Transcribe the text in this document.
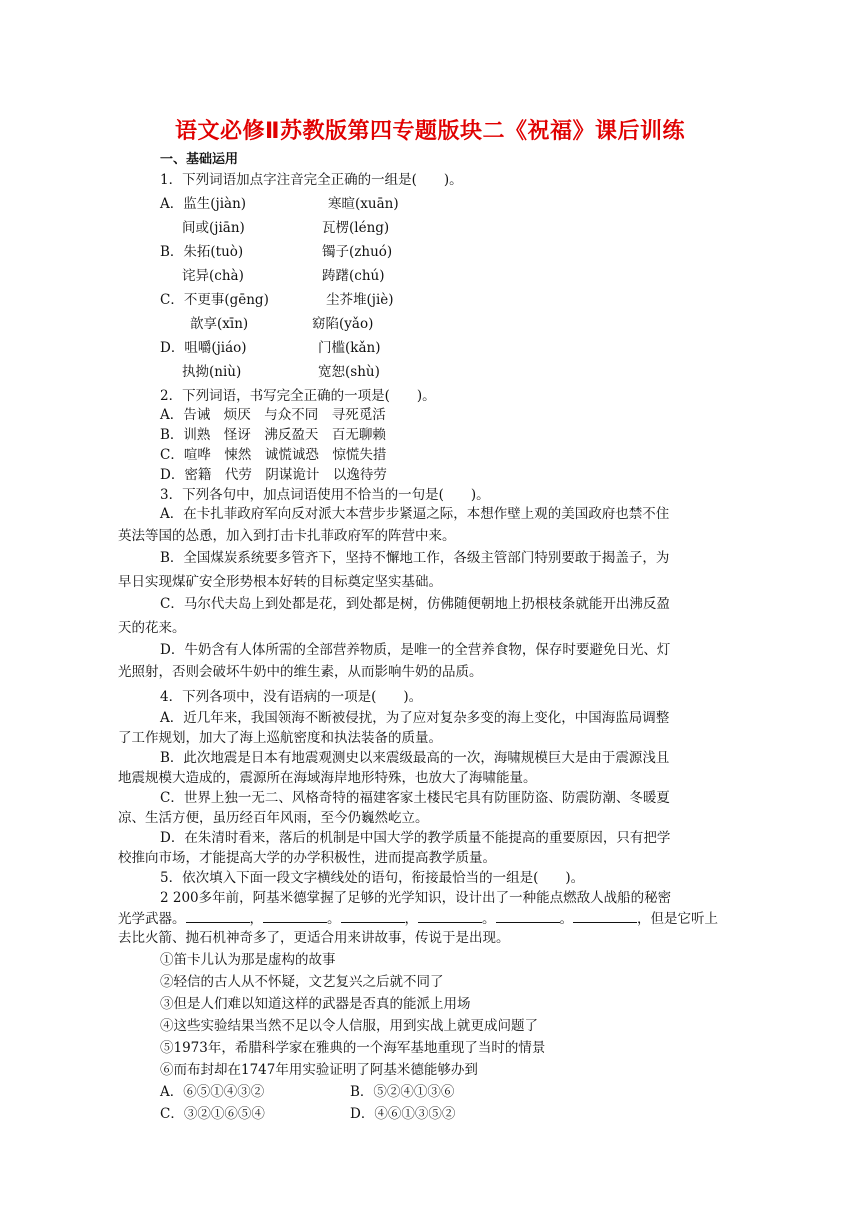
语文必修Ⅱ苏教版第四专题版块二《祝福》课后训练
一、基础运用
1．下列词语加点字注音完全正确的一组是(　　)。
A．监生(jiàn)	寒暄(xuān)
间或(jiān)	瓦楞(léng)
B．朱拓(tuò)	镯子(zhuó)
诧异(chà)	踌躇(chú)
C．不更事(gēng)	尘芥堆(jiè)
歆享(xīn)	窈陷(yǎo)
D．咀嚼(jiáo)	门槛(kǎn)
执拗(niù)	宽恕(shù)
2．下列词语，书写完全正确的一项是(　　)。
A．告诫　烦厌　与众不同　寻死觅活
B．训熟　怪讶　沸反盈天　百无聊赖
C．喧哗　悚然　诚慌诚恐　惊慌失措
D．密籍　代劳　阴谋诡计　以逸待劳
3．下列各句中，加点词语使用不恰当的一句是(　　)。
A．在卡扎菲政府军向反对派大本营步步紧逼之际，本想作壁上观的美国政府也禁不住
英法等国的怂恿，加入到打击卡扎菲政府军的阵营中来。
B．全国煤炭系统要多管齐下，坚持不懈地工作，各级主管部门特别要敢于揭盖子，为
早日实现煤矿安全形势根本好转的目标奠定坚实基础。
C．马尔代夫岛上到处都是花，到处都是树，仿佛随便朝地上扔根枝条就能开出沸反盈
天的花来。
D．牛奶含有人体所需的全部营养物质，是唯一的全营养食物，保存时要避免日光、灯
光照射，否则会破坏牛奶中的维生素，从而影响牛奶的品质。
4．下列各项中，没有语病的一项是(　　)。
A．近几年来，我国领海不断被侵扰，为了应对复杂多变的海上变化，中国海监局调整
了工作规划，加大了海上巡航密度和执法装备的质量。
B．此次地震是日本有地震观测史以来震级最高的一次，海啸规模巨大是由于震源浅且
地震规模大造成的，震源所在海域海岸地形特殊，也放大了海啸能量。
C．世界上独一无二、风格奇特的福建客家土楼民宅具有防匪防盗、防震防潮、冬暖夏
凉、生活方便，虽历经百年风雨，至今仍巍然屹立。
D．在朱清时看来，落后的机制是中国大学的教学质量不能提高的重要原因，只有把学
校推向市场，才能提高大学的办学积极性，进而提高教学质量。
5．依次填入下面一段文字横线处的语句，衔接最恰当的一组是(　　)。
2 200多年前，阿基米德掌握了足够的光学知识，设计出了一种能点燃敌人战船的秘密
光学武器。	，	。	，	。	。	，但是它听上
去比火箭、抛石机神奇多了，更适合用来讲故事，传说于是出现。
①笛卡儿认为那是虚构的故事
②轻信的古人从不怀疑，文艺复兴之后就不同了
③但是人们难以知道这样的武器是否真的能派上用场
④这些实验结果当然不足以令人信服，用到实战上就更成问题了
⑤1973年，希腊科学家在雅典的一个海军基地重现了当时的情景
⑥而布封却在1747年用实验证明了阿基米德能够办到
A．⑥⑤①④③②	B．⑤②④①③⑥
C．③②①⑥⑤④	D．④⑥①③⑤②
